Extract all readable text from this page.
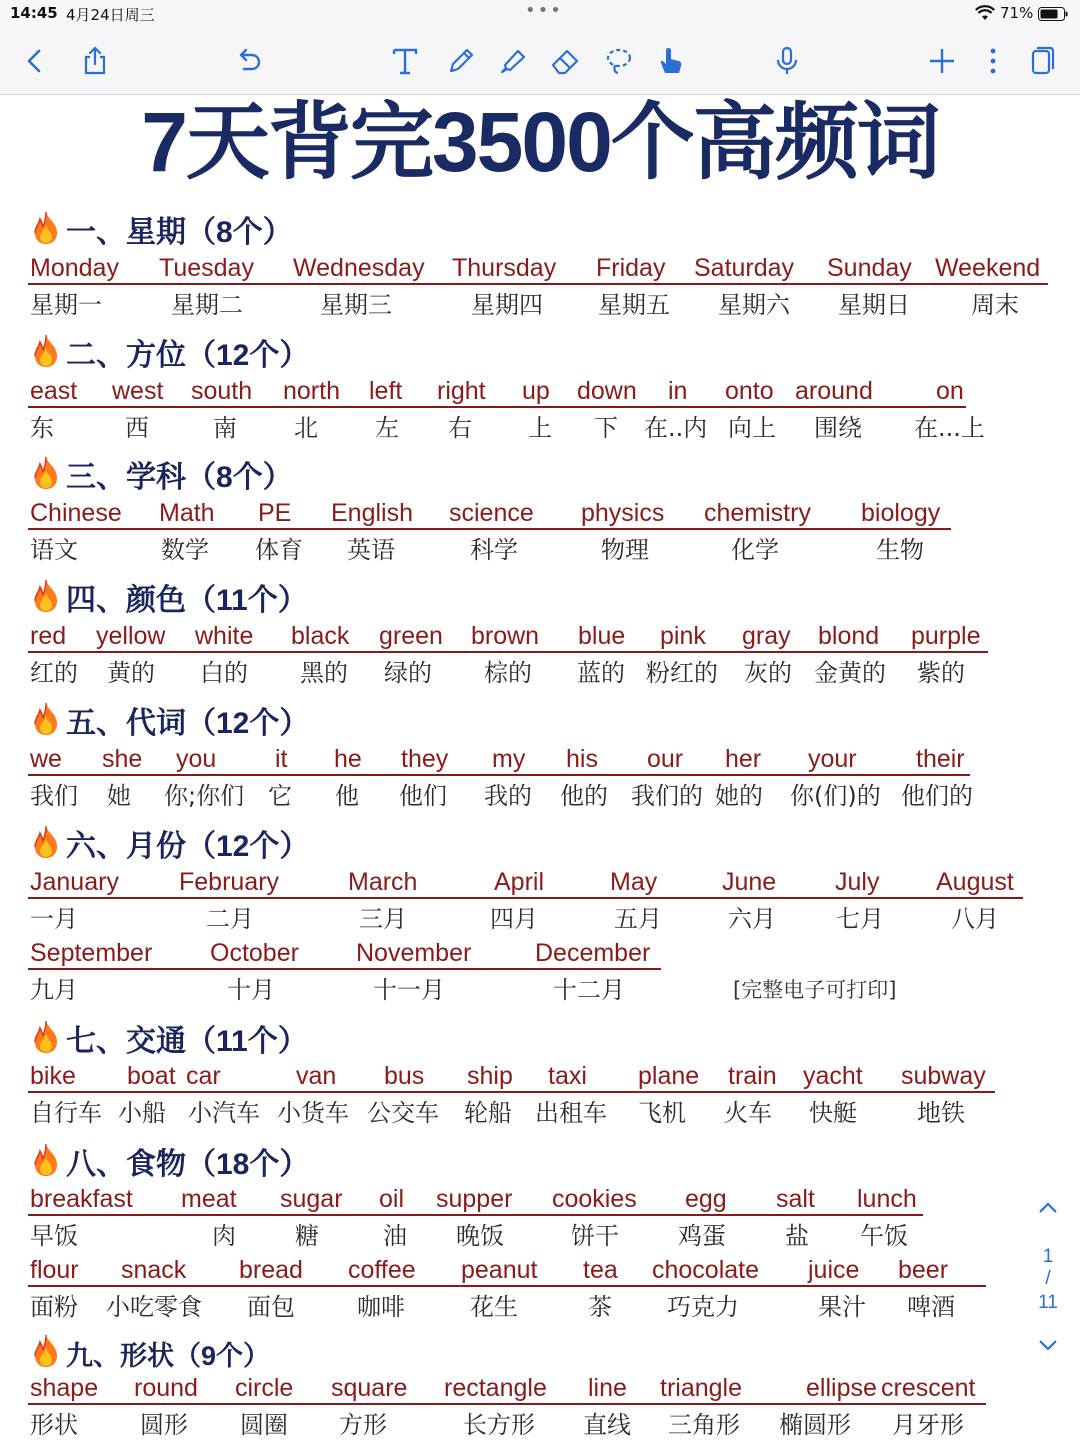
14:45 4月24日周三	•••	71%
7天背完3500个高频词
一、星期（8个）
Monday Tuesday Wednesday Thursday Friday Saturday Sunday Weekend
星期一	星期二	星期三	星期四 星期五 星期六 星期日	周末
二、方位（12个）
east west south north left right up down in onto around	on
东	西	南 北 左 右 上 下 在..内 向上 围绕 在...上
三、学科（8个）
Chinese Math PE English science physics chemistry biology
语文	数学 体育 英语	科学	物理	化学	生物
四、颜色（11个）
red yellow white black green brown blue pink gray blond purple
红的 黄的 白的 黑的 绿的 棕的 蓝的 粉红的 灰的 金黄的 紫的
五、代词（12个）
we she you it he they my his our her your their
我们 她 你;你们 它 他 他们 我的 他的 我们的 她的 你(们)的 他们的
六、月份（12个）
January February	March	April	May	June July August
一月	二月	三月	四月	五月	六月	七月	八月
September October November	December
九月	十月	十一月	十二月	[完整电子可打印]
七、交通（11个）
bike boat car	van bus ship taxi plane train yacht subway
自行车 小船 小汽车 小货车 公交车 轮船 出租车 飞机 火车 快艇	地铁
八、食物（18个）
breakfast meat sugar oil supper cookies egg salt lunch
早饭	肉 糖	油 晚饭	饼干 鸡蛋 盐 午饭
flour snack bread coffee peanut tea chocolate juice beer
面粉 小吃零食 面包	咖啡	花生	茶 巧克力	果汁 啤酒
九、形状（9个）
shape round circle square rectangle line triangle	ellipse crescent
形状	圆形 圆圈 方形	长方形 直线 三角形 椭圆形 月牙形
1
/
11
